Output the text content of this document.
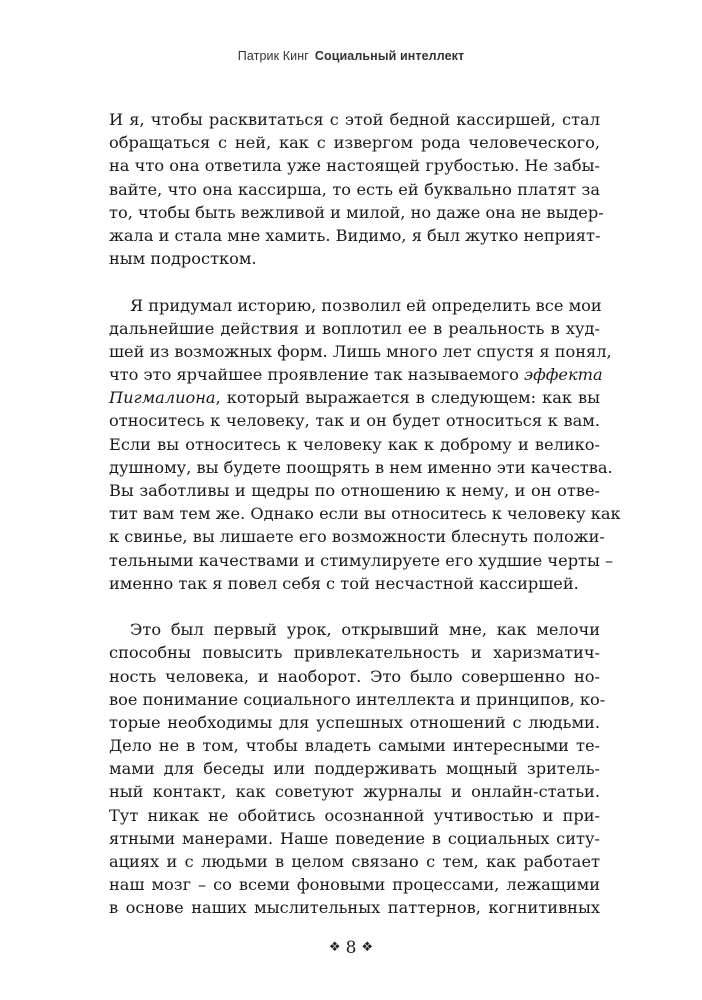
Патрик Кинг Социальный интеллект
И я, чтобы расквитаться с этой бедной кассиршей, стал
обращаться с ней, как с извергом рода человеческого,
на что она ответила уже настоящей грубостью. Не забы-
вайте, что она кассирша, то есть ей буквально платят за
то, чтобы быть вежливой и милой, но даже она не выдер-
жала и стала мне хамить. Видимо, я был жутко неприят-
ным подростком.
Я придумал историю, позволил ей определить все мои
дальнейшие действия и воплотил ее в реальность в худ-
шей из возможных форм. Лишь много лет спустя я понял,
что это ярчайшее проявление так называемого эффекта
Пигмалиона, который выражается в следующем: как вы
относитесь к человеку, так и он будет относиться к вам.
Если вы относитесь к человеку как к доброму и велико-
душному, вы будете поощрять в нем именно эти качества.
Вы заботливы и щедры по отношению к нему, и он отве-
тит вам тем же. Однако если вы относитесь к человеку как
к свинье, вы лишаете его возможности блеснуть положи-
тельными качествами и стимулируете его худшие черты –
именно так я повел себя с той несчастной кассиршей.
Это был первый урок, открывший мне, как мелочи
способны повысить привлекательность и харизматич-
ность человека, и наоборот. Это было совершенно но-
вое понимание социального интеллекта и принципов, ко-
торые необходимы для успешных отношений с людьми.
Дело не в том, чтобы владеть самыми интересными те-
мами для беседы или поддерживать мощный зритель-
ный контакт, как советуют журналы и онлайн-статьи.
Тут никак не обойтись осознанной учтивостью и при-
ятными манерами. Наше поведение в социальных ситу-
ациях и с людьми в целом связано с тем, как работает
наш мозг – со всеми фоновыми процессами, лежащими
в основе наших мыслительных паттернов, когнитивных
❖ 8 ❖
